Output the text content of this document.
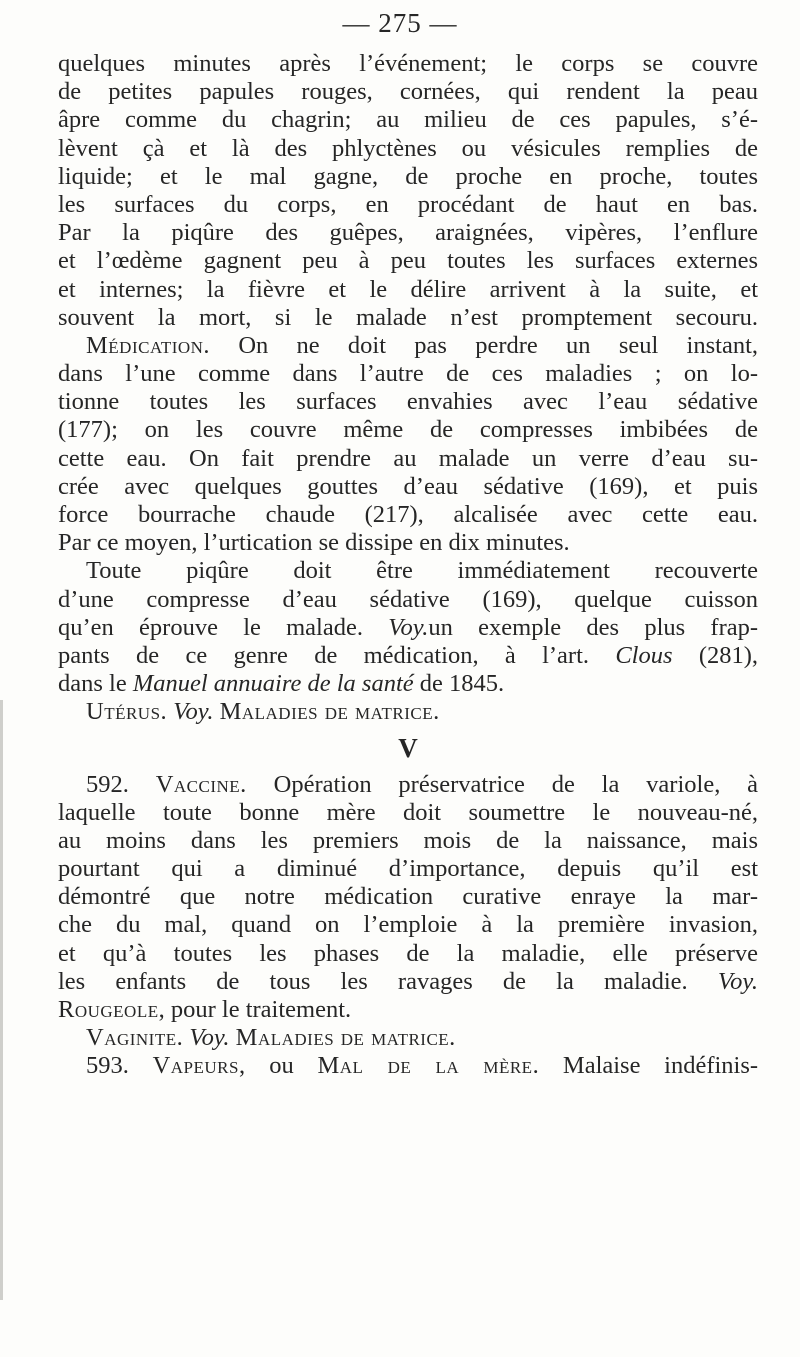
— 275 —
quelques minutes après l’événement; le corps se couvre
de petites papules rouges, cornées, qui rendent la peau
âpre comme du chagrin; au milieu de ces papules, s’é-
lèvent çà et là des phlyctènes ou vésicules remplies de
liquide; et le mal gagne, de proche en proche, toutes
les surfaces du corps, en procédant de haut en bas.
Par la piqûre des guêpes, araignées, vipères, l’enflure
et l’œdème gagnent peu à peu toutes les surfaces externes
et internes; la fièvre et le délire arrivent à la suite, et
souvent la mort, si le malade n’est promptement secouru.
Médication. On ne doit pas perdre un seul instant,
dans l’une comme dans l’autre de ces maladies ; on lo-
tionne toutes les surfaces envahies avec l’eau sédative
(177); on les couvre même de compresses imbibées de
cette eau. On fait prendre au malade un verre d’eau su-
crée avec quelques gouttes d’eau sédative (169), et puis
force bourrache chaude (217), alcalisée avec cette eau.
Par ce moyen, l’urtication se dissipe en dix minutes.
Toute piqûre doit être immédiatement recouverte
d’une compresse d’eau sédative (169), quelque cuisson
qu’en éprouve le malade. Voy.un exemple des plus frap-
pants de ce genre de médication, à l’art. Clous (281),
dans le Manuel annuaire de la santé de 1845.
Utérus. Voy. Maladies de matrice.
V
592. Vaccine. Opération préservatrice de la variole, à
laquelle toute bonne mère doit soumettre le nouveau-né,
au moins dans les premiers mois de la naissance, mais
pourtant qui a diminué d’importance, depuis qu’il est
démontré que notre médication curative enraye la mar-
che du mal, quand on l’emploie à la première invasion,
et qu’à toutes les phases de la maladie, elle préserve
les enfants de tous les ravages de la maladie. Voy.
Rougeole, pour le traitement.
Vaginite. Voy. Maladies de matrice.
593. Vapeurs, ou Mal de la mère. Malaise indéfinis-
